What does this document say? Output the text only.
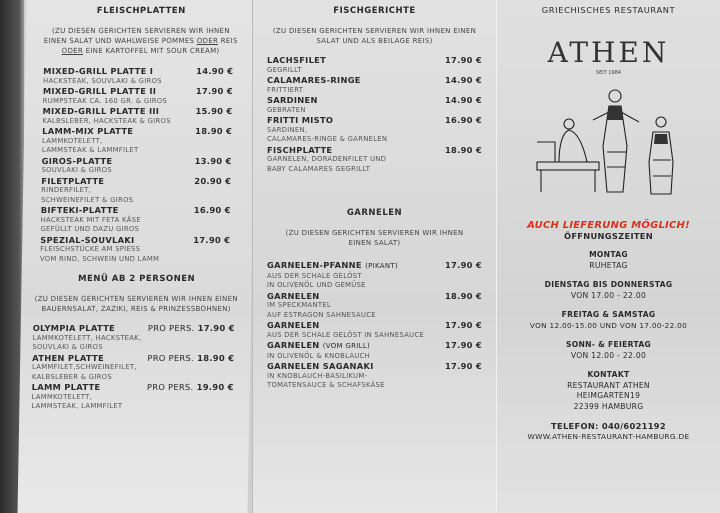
FLEISCHPLATTEN
(ZU DIESEN GERICHTEN SERVIEREN WIR IHNEN EINEN SALAT UND WAHLWEISE POMMES ODER REIS ODER EINE KARTOFFEL MIT SOUR CREAM)
MIXED-GRILL PLATTE I	14.90 €
HACKSTEAK, SOUVLAKI & GIROS
MIXED-GRILL PLATTE II	17.90 €
RUMPSTEAK CA. 160 GR. & GIROS
MIXED-GRILL PLATTE III	15.90 €
KALBSLEBER, HACKSTEAK & GIROS
LAMM-MIX PLATTE	18.90 €
LAMMKOTELETT,
LAMMSTEAK & LAMMFILET
GIROS-PLATTE	13.90 €
SOUVLAKI & GIROS
FILETPLATTE	20.90 €
RINDERFILET,
SCHWEINEFILET & GIROS
BIFTEKI-PLATTE	16.90 €
HACKSTEAK MIT FETA KÄSE
GEFÜLLT UND DAZU GIROS
SPEZIAL-SOUVLAKI	17.90 €
FLEISCHSTÜCKE AM SPIESS
VOM RIND, SCHWEIN UND LAMM
MENÜ AB 2 PERSONEN
(ZU DIESEN GERICHTEN SERVIEREN WIR IHNEN EINEN BAUERNSALAT, ZAZIKI, REIS & PRINZESSBOHNEN)
OLYMPIA PLATTE	PRO PERS. 17.90 €
LAMMKOTELETT, HACKSTEAK,
SOUVLAKI & GIROS
ATHEN PLATTE	PRO PERS. 18.90 €
LAMMFILET,SCHWEINEFILET,
KALBSLEBER & GIROS
LAMM PLATTE	PRO PERS. 19.90 €
LAMMKOTELETT,
LAMMSTEAK, LAMMFILET
FISCHGERICHTE
(ZU DIESEN GERICHTEN SERVIEREN WIR IHNEN EINEN SALAT UND ALS BEILAGE REIS)
LACHSFILET	17.90 €
GEGRILLT
CALAMARES-RINGE	14.90 €
FRITTIERT
SARDINEN	14.90 €
GEBRATEN
FRITTI MISTO	16.90 €
SARDINEN,
CALAMARES-RINGE & GARNELEN
FISCHPLATTE	18.90 €
GARNELEN, DORADENFILET UND
BABY CALAMARES GEGRILLT
GARNELEN
(ZU DIESEN GERICHTEN SERVIEREN WIR IHNEN EINEN SALAT)
GARNELEN-PFANNE (PIKANT)	17.90 €
AUS DER SCHALE GELÖST
IN OLIVENÖL UND GEMÜSE
GARNELEN	18.90 €
IM SPECKMANTEL
AUF ESTRAGON SAHNESAUCE
GARNELEN	17.90 €
AUS DER SCHALE GELÖST IN SAHNESAUCE
GARNELEN (VOM GRILL)	17.90 €
IN OLIVENÖL & KNOBLAUCH
GARNELEN SAGANAKI	17.90 €
IN KNOBLAUCH-BASILIKUM-
TOMATENSAUCE & SCHAFSKÄSE
GRIECHISCHES RESTAURANT
ATHEN
SEIT 1984
AUCH LIEFERUNG MÖGLICH!
ÖFFNUNGSZEITEN
MONTAG
RUHETAG
DIENSTAG BIS DONNERSTAG
VON 17.00 - 22.00
FREITAG & SAMSTAG
VON 12.00-15.00 UND VON 17.00-22.00
SONN- & FEIERTAG
VON 12.00 - 22.00
KONTAKT
RESTAURANT ATHEN
HEIMGARTEN19
22399 HAMBURG
TELEFON: 040/6021192
WWW.ATHEN-RESTAURANT-HAMBURG.DE
